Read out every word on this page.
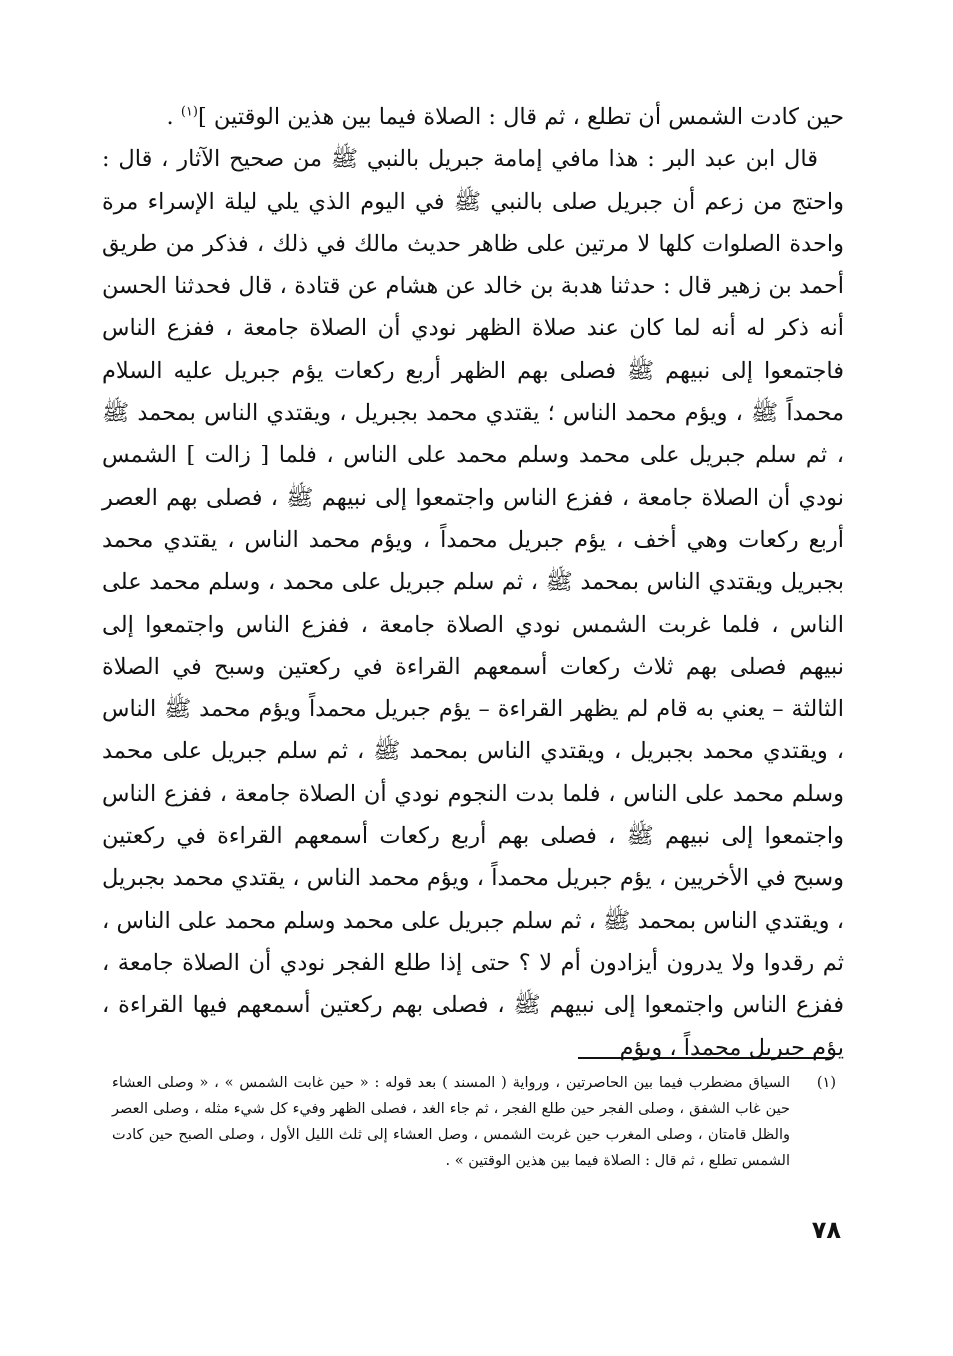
حين كادت الشمس أن تطلع ، ثم قال : الصلاة فيما بين هذين الوقتين ]$^{(١)}$ .

قال ابن عبد البر : هذا مافي إمامة جبريل بالنبي ﷺ من صحيح الآثار ، قال : واحتج من زعم أن جبريل صلى بالنبي ﷺ في اليوم الذي يلي ليلة الإسراء مرة واحدة الصلوات كلها لا مرتين على ظاهر حديث مالك في ذلك ، فذكر من طريق أحمد بن زهير قال : حدثنا هدبة بن خالد عن هشام عن قتادة ، قال فحدثنا الحسن أنه ذكر له أنه لما كان عند صلاة الظهر نودي أن الصلاة جامعة ، ففزع الناس فاجتمعوا إلى نبيهم ﷺ فصلى بهم الظهر أربع ركعات يؤم جبريل عليه السلام محمداً ﷺ ، ويؤم محمد الناس ؛ يقتدي محمد بجبريل ، ويقتدي الناس بمحمد ﷺ ، ثم سلم جبريل على محمد وسلم محمد على الناس ، فلما [ زالت ] الشمس نودي أن الصلاة جامعة ، ففزع الناس واجتمعوا إلى نبيهم ﷺ ، فصلى بهم العصر أربع ركعات وهي أخف ، يؤم جبريل محمداً ، ويؤم محمد الناس ، يقتدي محمد بجبريل ويقتدي الناس بمحمد ﷺ ، ثم سلم جبريل على محمد ، وسلم محمد على الناس ، فلما غربت الشمس نودي الصلاة جامعة ، ففزع الناس واجتمعوا إلى نبيهم فصلى بهم ثلاث ركعات أسمعهم القراءة في ركعتين وسبح في الصلاة الثالثة – يعني به قام لم يظهر القراءة – يؤم جبريل محمداً ويؤم محمد ﷺ الناس ، ويقتدي محمد بجبريل ، ويقتدي الناس بمحمد ﷺ ، ثم سلم جبريل على محمد وسلم محمد على الناس ، فلما بدت النجوم نودي أن الصلاة جامعة ، ففزع الناس واجتمعوا إلى نبيهم ﷺ ، فصلى بهم أربع ركعات أسمعهم القراءة في ركعتين وسبح في الأخريين ، يؤم جبريل محمداً ، ويؤم محمد الناس ، يقتدي محمد بجبريل ، ويقتدي الناس بمحمد ﷺ ، ثم سلم جبريل على محمد وسلم محمد على الناس ، ثم رقدوا ولا يدرون أيزادون أم لا ؟ حتى إذا طلع الفجر نودي أن الصلاة جامعة ، ففزع الناس واجتمعوا إلى نبيهم ﷺ ، فصلى بهم ركعتين أسمعهم فيها القراءة ، يؤم جبريل محمداً ، ويؤم

(١)
السياق مضطرب فيما بين الحاصرتين ، ورواية ( المسند ) بعد قوله : « حين غابت الشمس » ، « وصلى العشاء حين غاب الشفق ، وصلى الفجر حين طلع الفجر ، ثم جاء الغد ، فصلى الظهر وفيء كل شيء مثله ، وصلى العصر والظل قامتان ، وصلى المغرب حين غربت الشمس ، وصل العشاء إلى ثلث الليل الأول ، وصلى الصبح حين كادت الشمس تطلع ، ثم قال : الصلاة فيما بين هذين الوقتين » .
٧٨
